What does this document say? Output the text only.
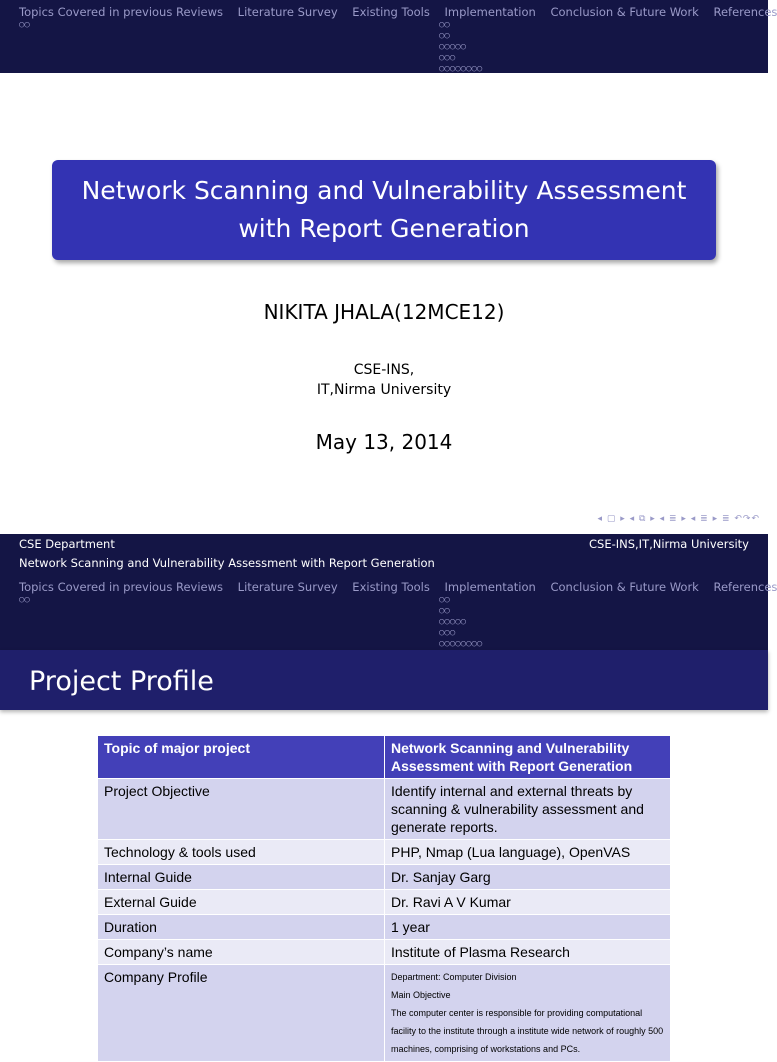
Topics Covered in previous Reviews Literature Survey Existing Tools Implementation Conclusion & Future Work References
○○	○○
○○
○○○○○
○○○
○○○○○○○○
Network Scanning and Vulnerability Assessment with Report Generation
NIKITA JHALA(12MCE12)
CSE-INS,
IT,Nirma University
May 13, 2014
◂ ▢ ▸ ◂ ⧉ ▸ ◂ ≣ ▸ ◂ ≣ ▸ ≣ ↶↷↶
CSE Department	CSE-INS,IT,Nirma University
Network Scanning and Vulnerability Assessment with Report Generation
Topics Covered in previous Reviews Literature Survey Existing Tools Implementation Conclusion & Future Work References
○○	○○
○○
○○○○○
○○○
○○○○○○○○
Project Profile
Topic of major project	Network Scanning and Vulnerability Assessment with Report Generation
Project Objective	Identify internal and external threats by scanning & vulnerability assessment and generate reports.
Technology & tools used	PHP, Nmap (Lua language), OpenVAS
Internal Guide	Dr. Sanjay Garg
External Guide	Dr. Ravi A V Kumar
Duration	1 year
Company’s name	Institute of Plasma Research
Company Profile	Department: Computer Division
Main Objective
The computer center is responsible for providing computational facility to the institute through a institute wide network of roughly 500 machines, comprising of workstations and PCs.
